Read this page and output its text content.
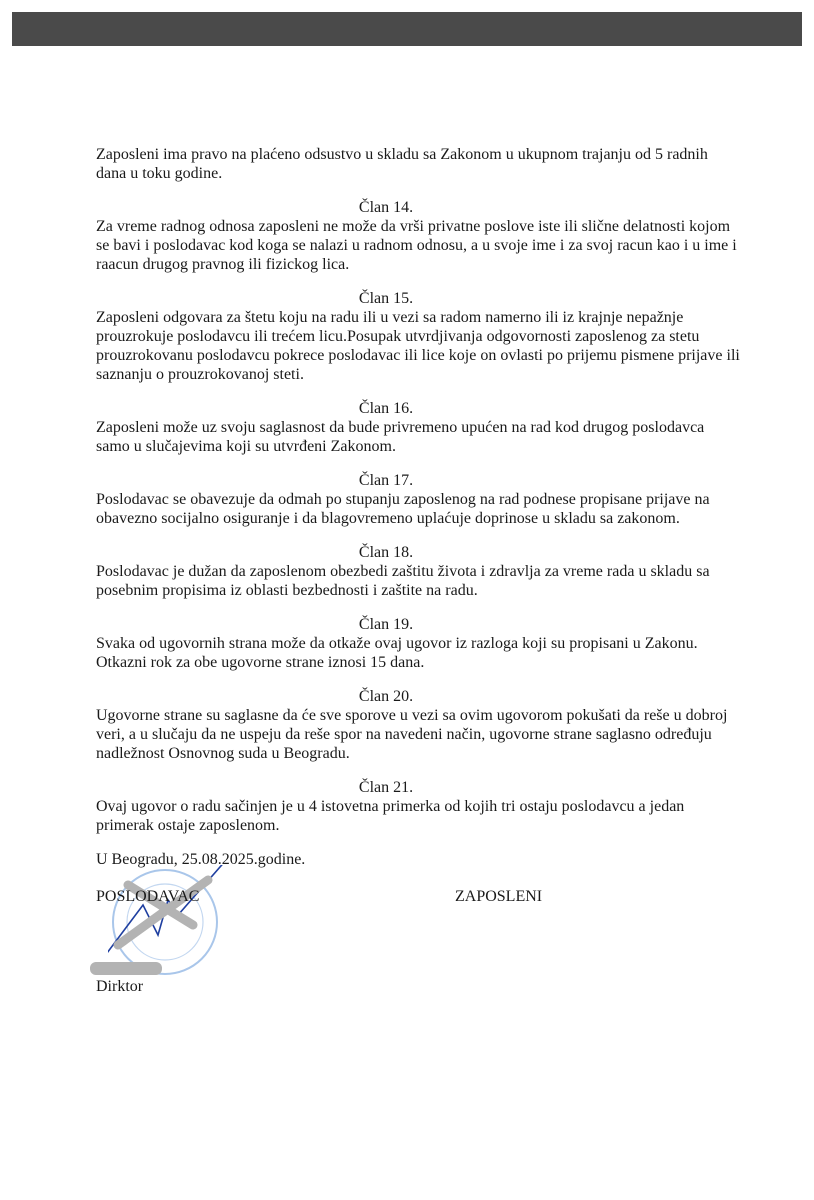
Zaposleni ima pravo na plaćeno odsustvo u skladu sa Zakonom u ukupnom trajanju od 5 radnih
dana u toku godine.
Član 14.
Za vreme radnog odnosa zaposleni ne može da vrši privatne poslove iste ili slične delatnosti kojom
se bavi i poslodavac kod koga se nalazi u radnom odnosu, a u svoje ime i za svoj racun kao i u ime i
raacun drugog pravnog ili fizickog lica.
Član 15.
Zaposleni odgovara za štetu koju na radu ili u vezi sa radom namerno ili iz krajnje nepažnje
prouzrokuje poslodavcu ili trećem licu.Posupak utvrdjivanja odgovornosti zaposlenog za stetu
prouzrokovanu poslodavcu pokrece poslodavac ili lice koje on ovlasti po prijemu pismene prijave ili
saznanju o prouzrokovanoj steti.
Član 16.
Zaposleni može uz svoju saglasnost da bude privremeno upućen na rad kod drugog poslodavca
samo u slučajevima koji su utvrđeni Zakonom.
Član 17.
Poslodavac se obavezuje da odmah po stupanju zaposlenog na rad podnese propisane prijave na
obavezno socijalno osiguranje i da blagovremeno uplaćuje doprinose u skladu sa zakonom.
Član 18.
Poslodavac je dužan da zaposlenom obezbedi zaštitu života i zdravlja za vreme rada u skladu sa
posebnim propisima iz oblasti bezbednosti i zaštite na radu.
Član 19.
Svaka od ugovornih strana može da otkaže ovaj ugovor iz razloga koji su propisani u Zakonu.
Otkazni rok za obe ugovorne strane iznosi 15 dana.
Član 20.
Ugovorne strane su saglasne da će sve sporove u vezi sa ovim ugovorom pokušati da reše u dobroj
veri, a u slučaju da ne uspeju da reše spor na navedeni način, ugovorne strane saglasno određuju
nadležnost Osnovnog suda u Beogradu.
Član 21.
Ovaj ugovor o radu sačinjen je u 4 istovetna primerka od kojih tri ostaju poslodavcu a jedan
primerak ostaje zaposlenom.
U Beogradu, 25.08.2025.godine.
POSLODAVAC	ZAPOSLENI
Dirktor
